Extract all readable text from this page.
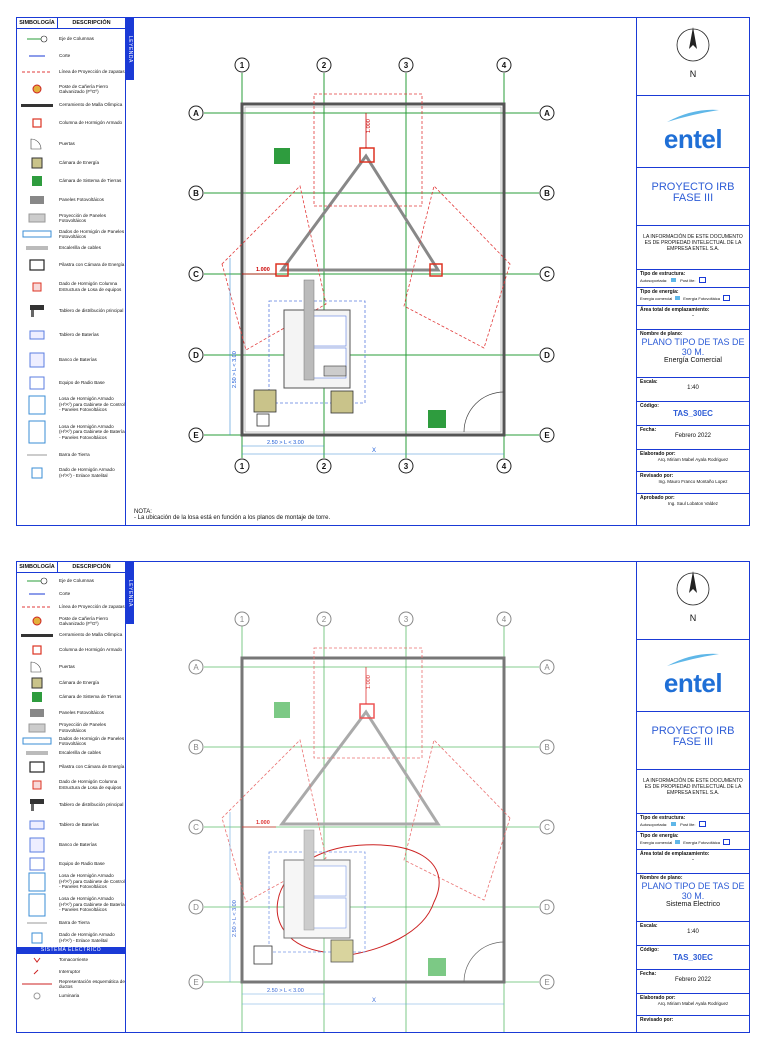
SIMBOLOGÍA	DESCRIPCIÓN
Eje de Columnas
Corte
Línea de Proyección de zapatas
Poste de Cañería Fierro Galvanizado (FºGº)
Cerramiento de Malla Olímpica
Columna de Hormigón Armado
Puertas
Cámara de Energía
Cámara de Sistema de Tierras
Paneles Fotovoltáicos
Proyección de Paneles Fotovoltáicos
Dados de Hormigón de Paneles Fotovoltáicos
Escalerilla de cables
Pilastra con Cámara de Energía
Dado de Hormigón Columna Estructura de Losa de equipos
Tablero de distribución principal
Tablero de Baterías
Banco de Baterías
Equipo de Radio Base
Losa de Hormigón Armado (HºAº) para Gabinete de Control - Paneles Fotovoltáicos
Losa de Hormigón Armado (HºAº) para Gabinete de Batería - Paneles Fotovoltáicos
Barra de Tierra
Dado de Hormigón Armado (HºAº) - Enlace Satelital
LEYENDA
1.000
1.000
2.50 > L < 3.00
2.50 > L < 3.00
X
1	2	3	4
1	2	3	4
A
B
C
D
E
A
B
C
D
E
NOTA:
- La ubicación de la losa está en función a los planos de montaje de torre.
N
entel
PROYECTO IRB FASE III
LA INFORMACIÓN DE ESTE DOCUMENTO ES DE PROPIEDAD INTELECTUAL DE LA EMPRESA ENTEL S.A.
Tipo de estructura:
Autosoportada:	Post lite:
Tipo de energía:
Energía comercial	Energía Fotovoltáica
Área total de emplazamiento:
-
Nombre de plano:
PLANO TIPO DE TAS DE 30 M.
Energía Comercial
Escala:
1:40
Código:
TAS_30EC
Fecha:
Febrero 2022
Elaborado por:
Arq. Miriam Mabel Ayala Rodriguez
Revisado por:
Ing. Mauro Franco Montaño Lopez
Aprobado por:
Ing. Saul Lobaton Valdez
SIMBOLOGÍA	DESCRIPCIÓN
Eje de Columnas
Corte
Línea de Proyección de zapatas
Poste de Cañería Fierro Galvanizado (FºGº)
Cerramiento de Malla Olímpica
Columna de Hormigón Armado
Puertas
Cámara de Energía
Cámara de Sistema de Tierras
Paneles Fotovoltáicos
Proyección de Paneles Fotovoltáicos
Dados de Hormigón de Paneles Fotovoltáicos
Escalerilla de cables
Pilastra con Cámara de Energía
Dado de Hormigón Columna Estructura de Losa de equipos
Tablero de distribución principal
Tablero de Baterías
Banco de Baterías
Equipo de Radio Base
Losa de Hormigón Armado (HºAº) para Gabinete de Control - Paneles Fotovoltáicos
Losa de Hormigón Armado (HºAº) para Gabinete de Batería - Paneles Fotovoltáicos
Barra de Tierra
Dado de Hormigón Armado (HºAº) - Enlace Satelital
SISTEMA ELECTRICO
Tomacorriente
Interruptor
Representación esquemática de ductos
Luminaria
LEYENDA
1.000
1.000
2.50 > L < 3.00
2.50 > L < 3.00
X
1	2	3	4
A
B
C
D
E
A
B
C
D
E
N
entel
PROYECTO IRB FASE III
LA INFORMACIÓN DE ESTE DOCUMENTO ES DE PROPIEDAD INTELECTUAL DE LA EMPRESA ENTEL S.A.
Tipo de estructura:
Autosoportada:	Post lite:
Tipo de energía:
Energía comercial	Energía Fotovoltáica
Área total de emplazamiento:
-
Nombre de plano:
PLANO TIPO DE TAS DE 30 M.
Sistema Electrico
Escala:
1:40
Código:
TAS_30EC
Fecha:
Febrero 2022
Elaborado por:
Arq. Miriam Mabel Ayala Rodriguez
Revisado por:
